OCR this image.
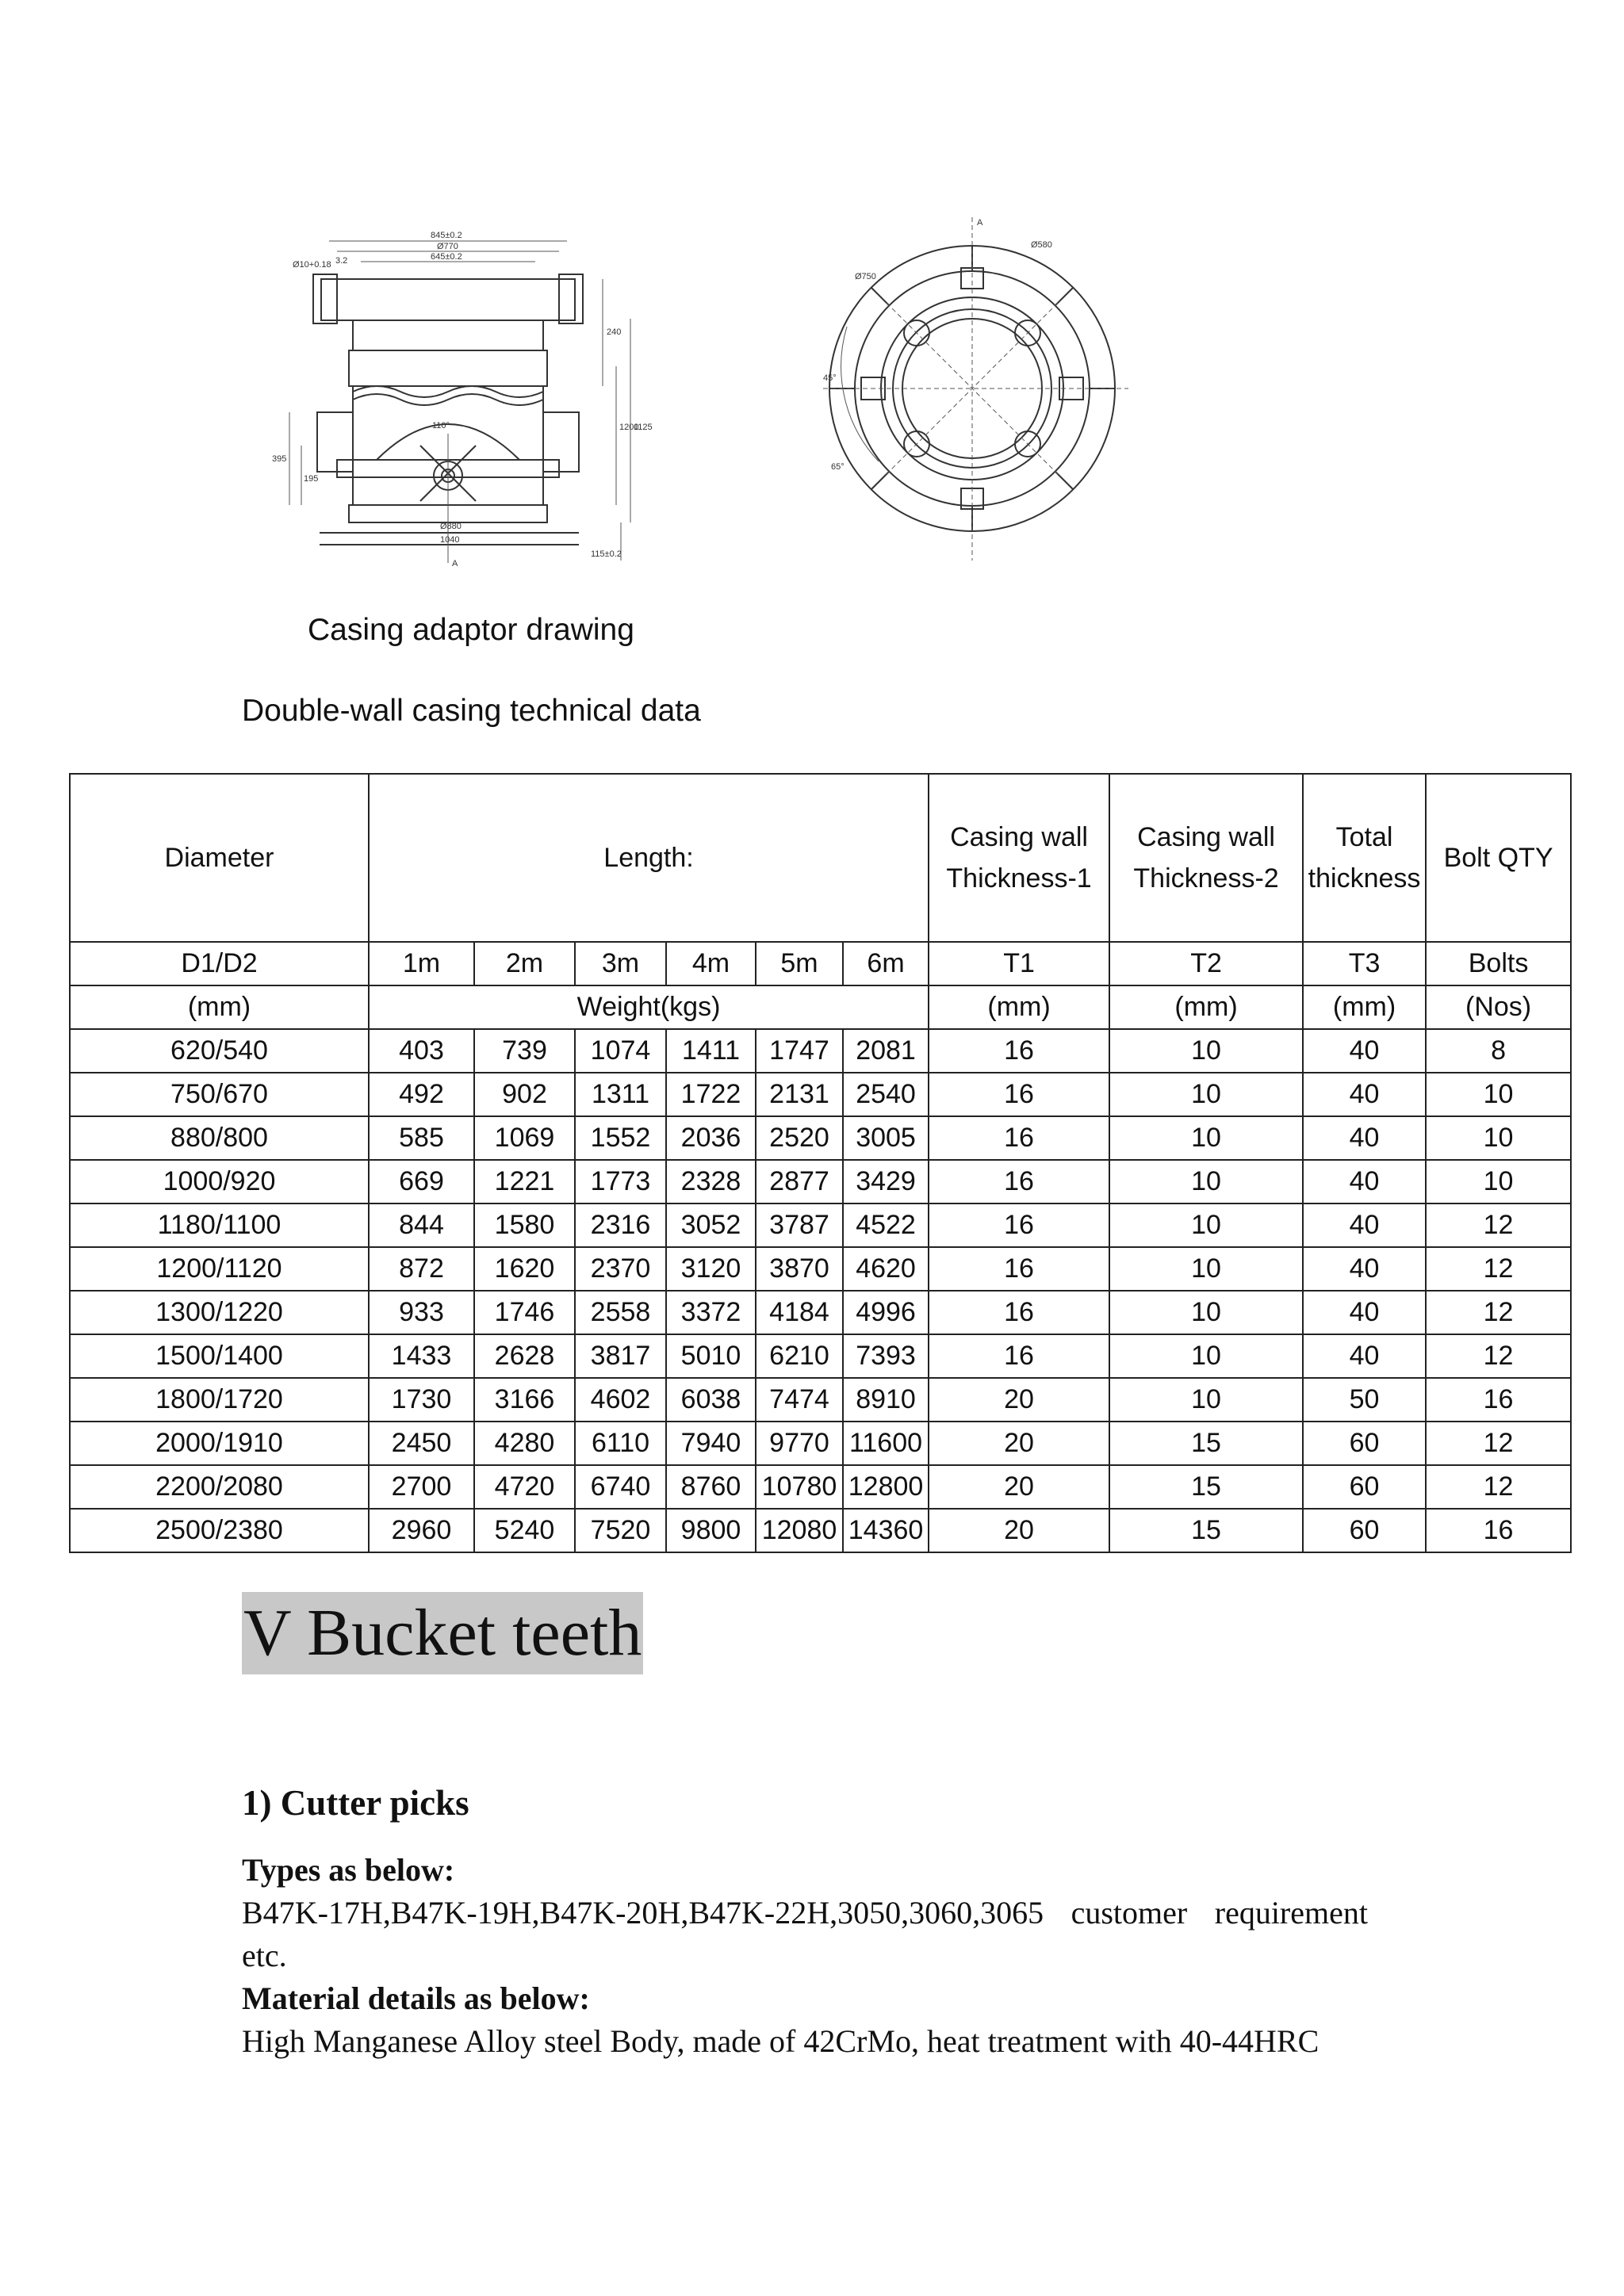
845±0.2
Ø770
645±0.2
Ø880
1040
240
1200
1125
395
195
115±0.2
110°
3.2
Ø10+0.18
A
Ø580
Ø750
A
45°
65°
Casing adaptor drawing
Double-wall casing technical data
Diameter	Length:						Casing wall Thickness-1	Casing wall Thickness-2	Total thickness	Bolt QTY
D1/D2	1m	2m	3m	4m	5m	6m	T1	T2	T3	Bolts
(mm)	Weight(kgs)						(mm)	(mm)	(mm)	(Nos)
620/540	403	739	1074	1411	1747	2081	16	10	40	8
750/670	492	902	1311	1722	2131	2540	16	10	40	10
880/800	585	1069	1552	2036	2520	3005	16	10	40	10
1000/920	669	1221	1773	2328	2877	3429	16	10	40	10
1180/1100	844	1580	2316	3052	3787	4522	16	10	40	12
1200/1120	872	1620	2370	3120	3870	4620	16	10	40	12
1300/1220	933	1746	2558	3372	4184	4996	16	10	40	12
1500/1400	1433	2628	3817	5010	6210	7393	16	10	40	12
1800/1720	1730	3166	4602	6038	7474	8910	20	10	50	16
2000/1910	2450	4280	6110	7940	9770	11600	20	15	60	12
2200/2080	2700	4720	6740	8760	10780	12800	20	15	60	12
2500/2380	2960	5240	7520	9800	12080	14360	20	15	60	16
V Bucket teeth
1) Cutter picks
Types as below:
B47K-17H,B47K-19H,B47K-20H,B47K-22H,3050,3060,3065 customer requirement etc.
Material details as below:
High Manganese Alloy steel Body, made of 42CrMo, heat treatment with 40-44HRC
